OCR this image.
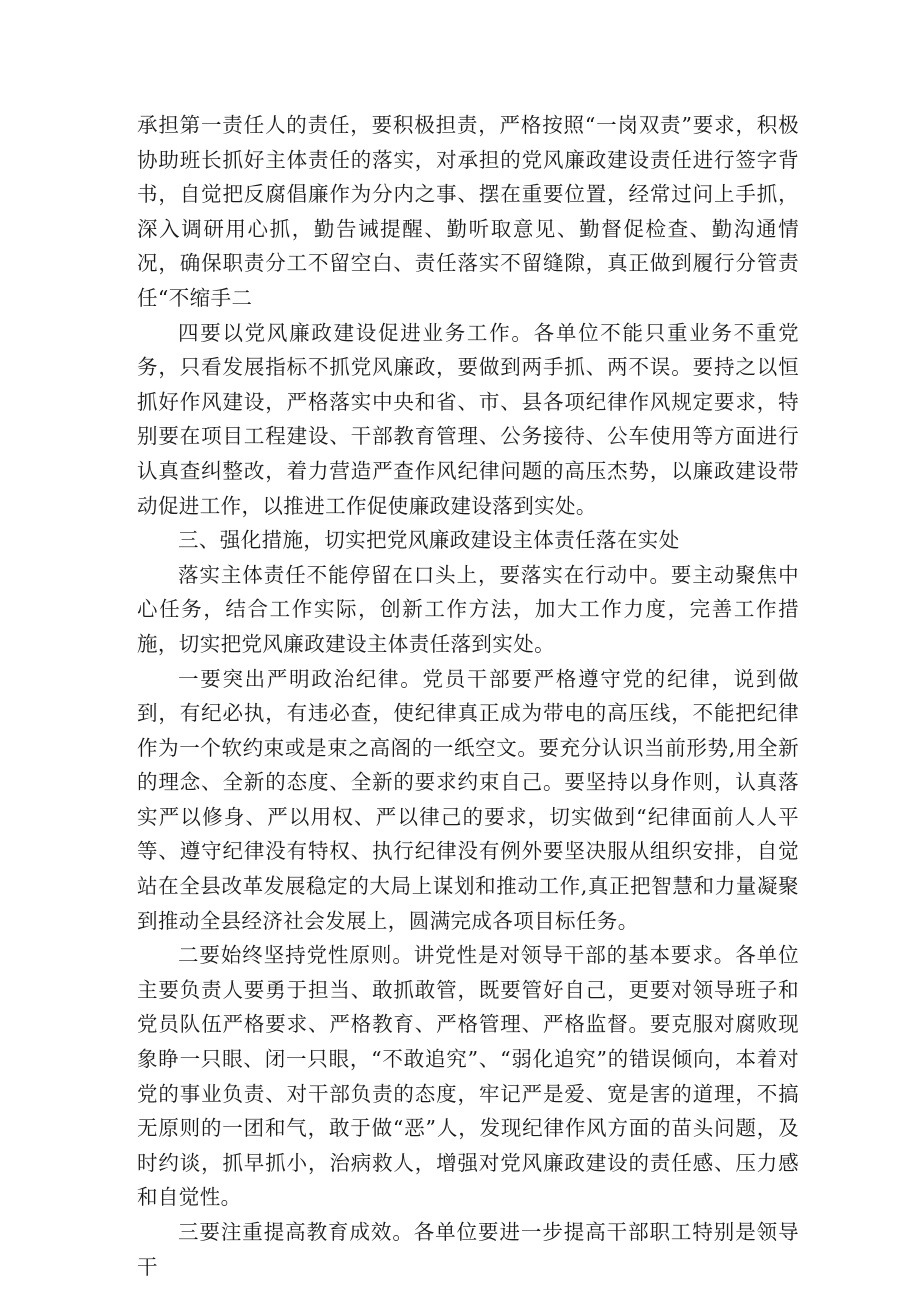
承担第一责任人的责任，要积极担责，严格按照“一岗双责”要求，积极协助班长抓好主体责任的落实，对承担的党风廉政建设责任进行签字背书，自觉把反腐倡廉作为分内之事、摆在重要位置，经常过问上手抓，深入调研用心抓，勤告诫提醒、勤听取意见、勤督促检查、勤沟通情况，确保职责分工不留空白、责任落实不留缝隙，真正做到履行分管责任“不缩手二

四要以党风廉政建设促进业务工作。各单位不能只重业务不重党务，只看发展指标不抓党风廉政，要做到两手抓、两不误。要持之以恒抓好作风建设，严格落实中央和省、市、县各项纪律作风规定要求，特别要在项目工程建设、干部教育管理、公务接待、公车使用等方面进行认真查纠整改，着力营造严查作风纪律问题的高压杰势，以廉政建设带动促进工作，以推进工作促使廉政建设落到实处。

三、强化措施，切实把党风廉政建设主体责任落在实处

落实主体责任不能停留在口头上，要落实在行动中。要主动聚焦中心任务，结合工作实际，创新工作方法，加大工作力度，完善工作措施，切实把党风廉政建设主体责任落到实处。

一要突出严明政治纪律。党员干部要严格遵守党的纪律，说到做到，有纪必执，有违必查，使纪律真正成为带电的高压线，不能把纪律作为一个软约束或是束之高阁的一纸空文。要充分认识当前形势,用全新的理念、全新的态度、全新的要求约束自己。要坚持以身作则，认真落实严以修身、严以用权、严以律己的要求，切实做到“纪律面前人人平等、遵守纪律没有特权、执行纪律没有例外要坚决服从组织安排，自觉站在全县改革发展稳定的大局上谋划和推动工作,真正把智慧和力量凝聚到推动全县经济社会发展上，圆满完成各项目标任务。

二要始终坚持党性原则。讲党性是对领导干部的基本要求。各单位主要负责人要勇于担当、敢抓敢管，既要管好自己，更要对领导班子和党员队伍严格要求、严格教育、严格管理、严格监督。要克服对腐败现象睁一只眼、闭一只眼，“不敢追究”、“弱化追究”的错误倾向，本着对党的事业负责、对干部负责的态度，牢记严是爱、宽是害的道理，不搞无原则的一团和气，敢于做“恶”人，发现纪律作风方面的苗头问题，及时约谈，抓早抓小，治病救人，增强对党风廉政建设的责任感、压力感和自觉性。

三要注重提高教育成效。各单位要进一步提高干部职工特别是领导干
